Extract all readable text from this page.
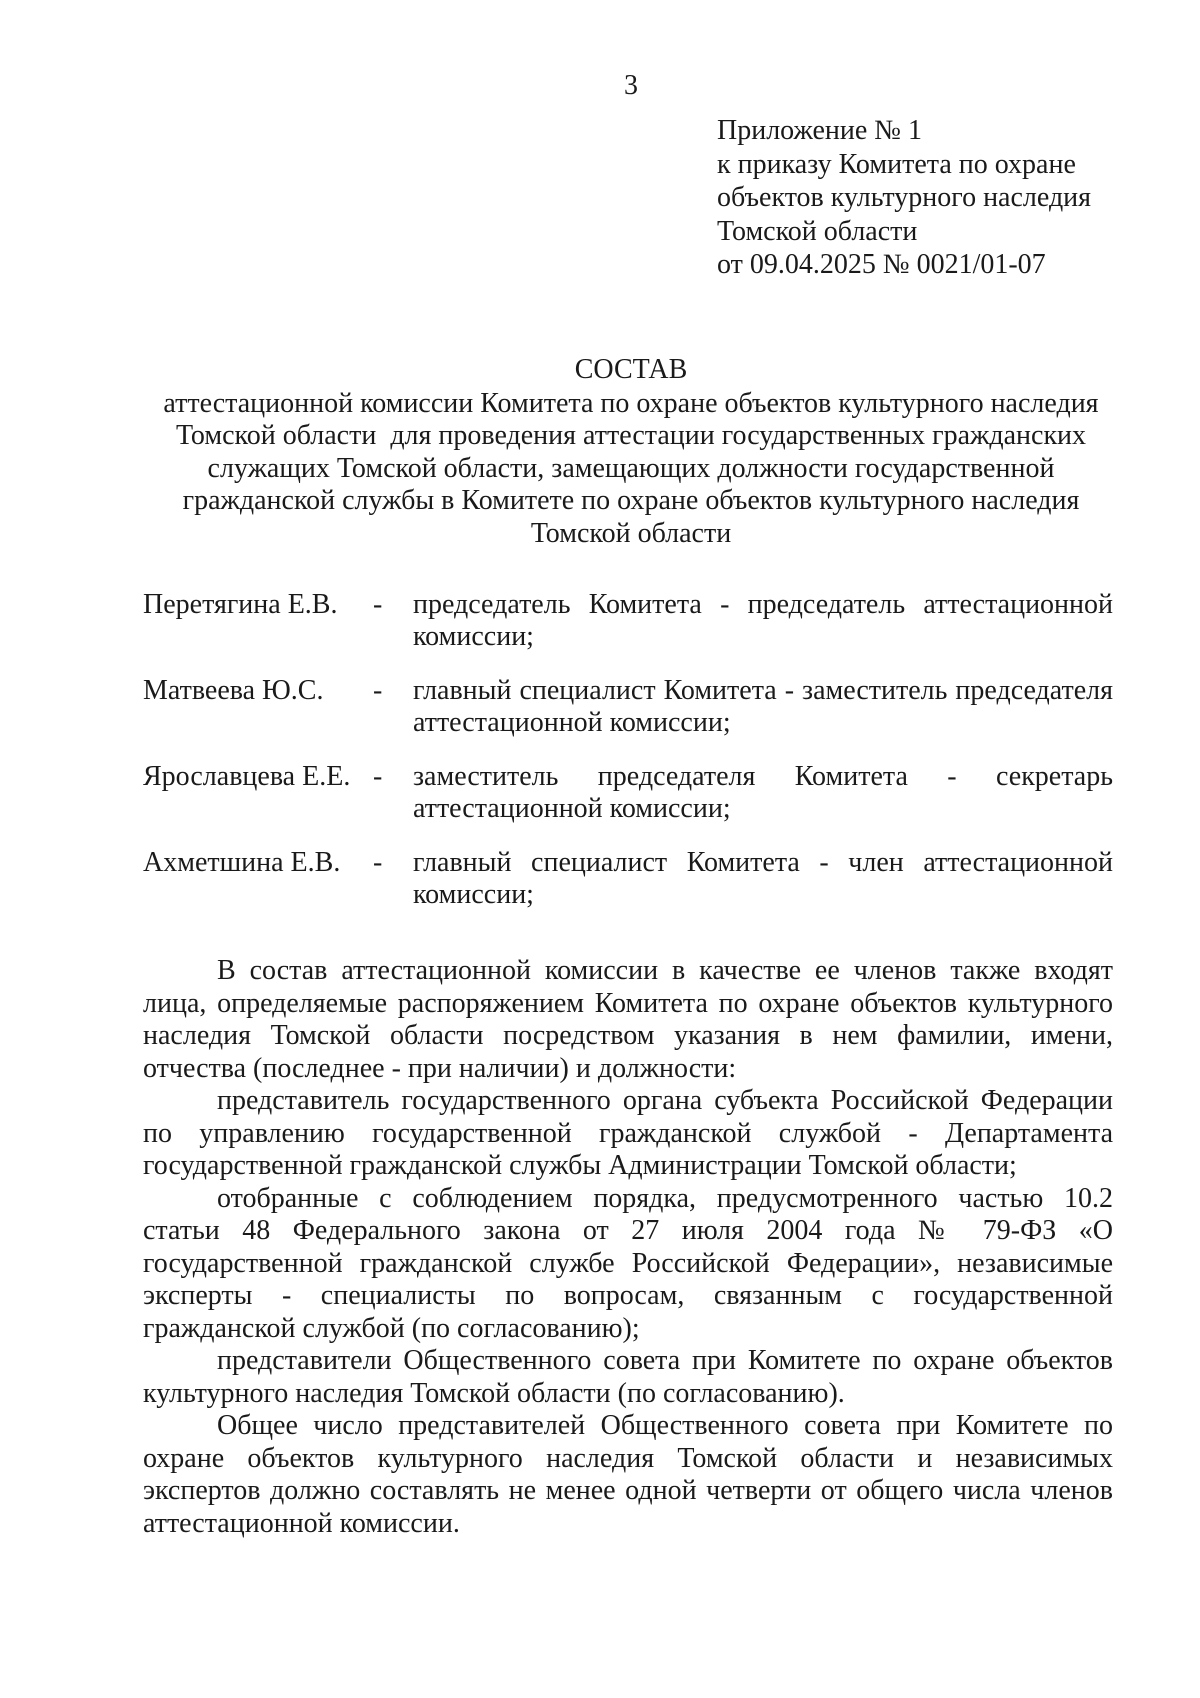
3
Приложение № 1
к приказу Комитета по охране
объектов культурного наследия
Томской области
от 09.04.2025 № 0021/01-07
СОСТАВ
аттестационной комиссии Комитета по охране объектов культурного наследия
Томской области  для проведения аттестации государственных гражданских
служащих Томской области, замещающих должности государственной
гражданской службы в Комитете по охране объектов культурного наследия
Томской области
Перетягина Е.В.	-	председатель Комитета - председатель аттестационной комиссии;
Матвеева Ю.С.	-	главный специалист Комитета - заместитель председателя аттестационной комиссии;
Ярославцева Е.Е. -	заместитель председателя Комитета - секретарь аттестационной комиссии;
Ахметшина Е.В.	-	главный специалист Комитета - член аттестационной комиссии;

В состав аттестационной комиссии в качестве ее членов также входят лица, определяемые распоряжением Комитета по охране объектов культурного наследия Томской области посредством указания в нем фамилии, имени, отчества (последнее - при наличии) и должности:

представитель государственного органа субъекта Российской Федерации по управлению государственной гражданской службой - Департамента государственной гражданской службы Администрации Томской области;

отобранные с соблюдением порядка, предусмотренного частью 10.2 статьи 48 Федерального закона от 27 июля 2004 года № 79-ФЗ «О государственной гражданской службе Российской Федерации», независимые эксперты - специалисты по вопросам, связанным с государственной гражданской службой (по согласованию);

представители Общественного совета при Комитете по охране объектов культурного наследия Томской области (по согласованию).

Общее число представителей Общественного совета при Комитете по охране объектов культурного наследия Томской области и независимых экспертов должно составлять не менее одной четверти от общего числа членов аттестационной комиссии.
